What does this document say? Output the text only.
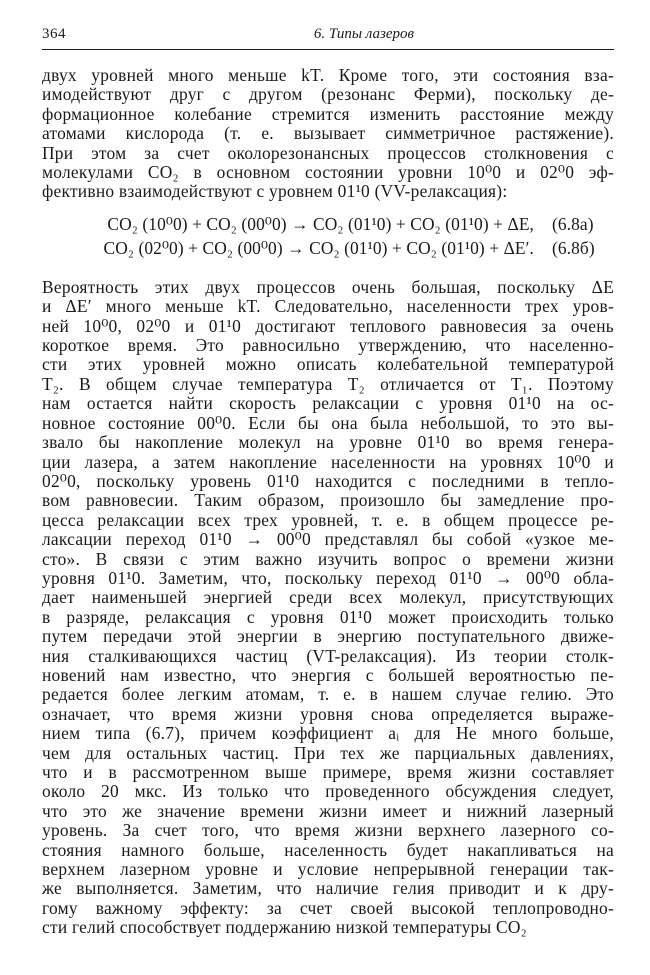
364	6. Типы лазеров

двух уровней много меньше kT. Кроме того, эти состояния вза-
имодействуют друг с другом (резонанс Ферми), поскольку де-
формационное колебание стремится изменить расстояние между
атомами кислорода (т. е. вызывает симметричное растяжение).
При этом за счет околорезонансных процессов столкновения с
молекулами CO₂ в основном состоянии уровни 10⁰0 и 02⁰0 эф-
фективно взаимодействуют с уровнем 01¹0 (VV-релаксация):

CO₂ (10⁰0) + CO₂ (00⁰0) → CO₂ (01¹0) + CO₂ (01¹0) + ΔE,	(6.8а)
CO₂ (02⁰0) + CO₂ (00⁰0) → CO₂ (01¹0) + CO₂ (01¹0) + ΔE′.	(6.8б)

Вероятность этих двух процессов очень большая, поскольку ΔE
и ΔE′ много меньше kT. Следовательно, населенности трех уров-
ней 10⁰0, 02⁰0 и 01¹0 достигают теплового равновесия за очень
короткое время. Это равносильно утверждению, что населенно-
сти этих уровней можно описать колебательной температурой
T₂. В общем случае температура T₂ отличается от T₁. Поэтому
нам остается найти скорость релаксации с уровня 01¹0 на ос-
новное состояние 00⁰0. Если бы она была небольшой, то это вы-
звало бы накопление молекул на уровне 01¹0 во время генера-
ции лазера, а затем накопление населенности на уровнях 10⁰0 и
02⁰0, поскольку уровень 01¹0 находится с последними в тепло-
вом равновесии. Таким образом, произошло бы замедление про-
цесса релаксации всех трех уровней, т. е. в общем процессе ре-
лаксации переход 01¹0 → 00⁰0 представлял бы собой «узкое ме-
сто». В связи с этим важно изучить вопрос о времени жизни
уровня 01¹0. Заметим, что, поскольку переход 01¹0 → 00⁰0 обла-
дает наименьшей энергией среди всех молекул, присутствующих
в разряде, релаксация с уровня 01¹0 может происходить только
путем передачи этой энергии в энергию поступательного движе-
ния сталкивающихся частиц (VT-релаксация). Из теории столк-
новений нам известно, что энергия с большей вероятностью пе-
редается более легким атомам, т. е. в нашем случае гелию. Это
означает, что время жизни уровня снова определяется выраже-
нием типа (6.7), причем коэффициент aᵢ для He много больше,
чем для остальных частиц. При тех же парциальных давлениях,
что и в рассмотренном выше примере, время жизни составляет
около 20 мкс. Из только что проведенного обсуждения следует,
что это же значение времени жизни имеет и нижний лазерный
уровень. За счет того, что время жизни верхнего лазерного со-
стояния намного больше, населенность будет накапливаться на
верхнем лазерном уровне и условие непрерывной генерации так-
же выполняется. Заметим, что наличие гелия приводит и к дру-
гому важному эффекту: за счет своей высокой теплопроводно-
сти гелий способствует поддержанию низкой температуры CO₂
